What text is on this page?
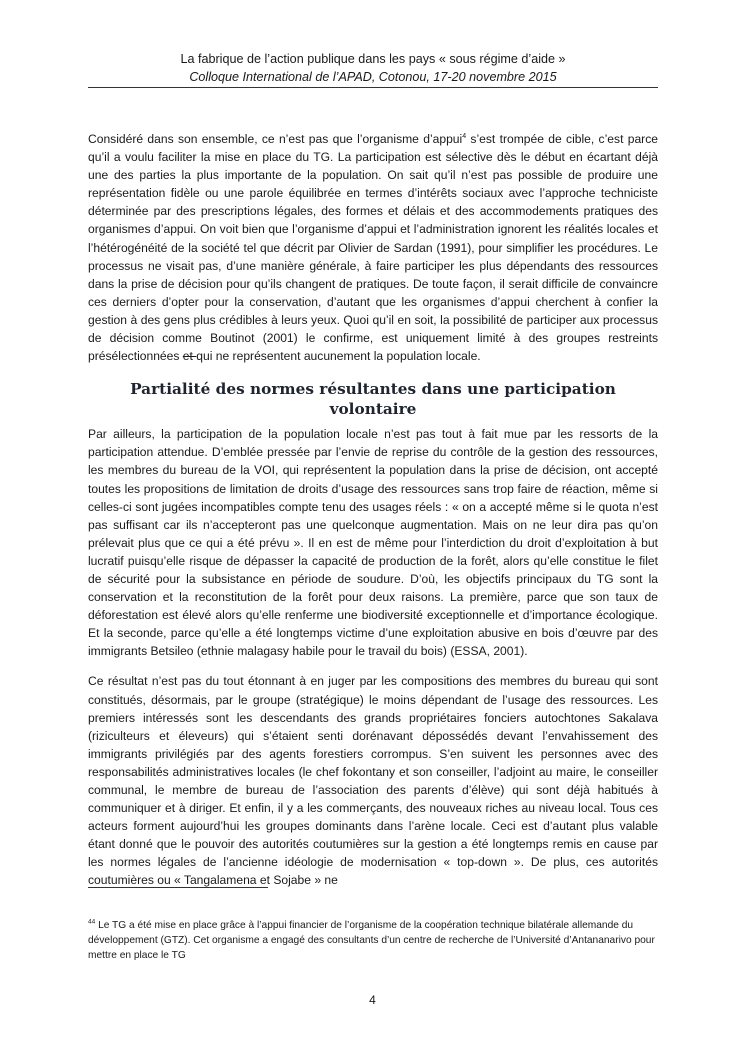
La fabrique de l’action publique dans les pays « sous régime d’aide »
Colloque International de l’APAD, Cotonou, 17-20 novembre 2015

Considéré dans son ensemble, ce n’est pas que l’organisme d’appui$^4$ s’est trompée de cible, c’est parce qu’il a voulu faciliter la mise en place du TG. La participation est sélective dès le début en écartant déjà une des parties la plus importante de la population. On sait qu’il n’est pas possible de produire une représentation fidèle ou une parole équilibrée en termes d’intérêts sociaux avec l’approche techniciste déterminée par des prescriptions légales, des formes et délais et des accommodements pratiques des organismes d’appui. On voit bien que l’organisme d’appui et l’administration ignorent les réalités locales et l’hétérogénéité de la société tel que décrit par Olivier de Sardan (1991), pour simplifier les procédures. Le processus ne visait pas, d’une manière générale, à faire participer les plus dépendants des ressources dans la prise de décision pour qu’ils changent de pratiques. De toute façon, il serait difficile de convaincre ces derniers d’opter pour la conservation, d’autant que les organismes d’appui cherchent à confier la gestion à des gens plus crédibles à leurs yeux. Quoi qu’il en soit, la possibilité de participer aux processus de décision comme Boutinot (2001) le confirme, est uniquement limité à des groupes restreints présélectionnées et qui ne représentent aucunement la population locale.

Partialité des normes résultantes dans une participation volontaire

Par ailleurs, la participation de la population locale n’est pas tout à fait mue par les ressorts de la participation attendue. D’emblée pressée par l’envie de reprise du contrôle de la gestion des ressources, les membres du bureau de la VOI, qui représentent la population dans la prise de décision, ont accepté toutes les propositions de limitation de droits d’usage des ressources sans trop faire de réaction, même si celles-ci sont jugées incompatibles compte tenu des usages réels : « on a accepté même si le quota n’est pas suffisant car ils n’accepteront pas une quelconque augmentation. Mais on ne leur dira pas qu’on prélevait plus que ce qui a été prévu ». Il en est de même pour l’interdiction du droit d’exploitation à but lucratif puisqu’elle risque de dépasser la capacité de production de la forêt, alors qu’elle constitue le filet de sécurité pour la subsistance en période de soudure. D’où, les objectifs principaux du TG sont la conservation et la reconstitution de la forêt pour deux raisons. La première, parce que son taux de déforestation est élevé alors qu’elle renferme une biodiversité exceptionnelle et d’importance écologique. Et la seconde, parce qu’elle a été longtemps victime d’une exploitation abusive en bois d’œuvre par des immigrants Betsileo (ethnie malagasy habile pour le travail du bois) (ESSA, 2001).

Ce résultat n’est pas du tout étonnant à en juger par les compositions des membres du bureau qui sont constitués, désormais, par le groupe (stratégique) le moins dépendant de l’usage des ressources. Les premiers intéressés sont les descendants des grands propriétaires fonciers autochtones Sakalava (riziculteurs et éleveurs) qui s’étaient senti dorénavant dépossédés devant l’envahissement des immigrants privilégiés par des agents forestiers corrompus. S’en suivent les personnes avec des responsabilités administratives locales (le chef fokontany et son conseiller, l’adjoint au maire, le conseiller communal, le membre de bureau de l’association des parents d’élève) qui sont déjà habitués à communiquer et à diriger. Et enfin, il y a les commerçants, des nouveaux riches au niveau local. Tous ces acteurs forment aujourd’hui les groupes dominants dans l’arène locale. Ceci est d’autant plus valable étant donné que le pouvoir des autorités coutumières sur la gestion a été longtemps remis en cause par les normes légales de l’ancienne idéologie de modernisation « top-down ». De plus, ces autorités coutumières ou « Tangalamena et Sojabe » ne

$^{44}$ Le TG a été mise en place grâce à l’appui financier de l’organisme de la coopération technique bilatérale allemande du développement (GTZ). Cet organisme a engagé des consultants d’un centre de recherche de l’Université d’Antananarivo pour mettre en place le TG
4
